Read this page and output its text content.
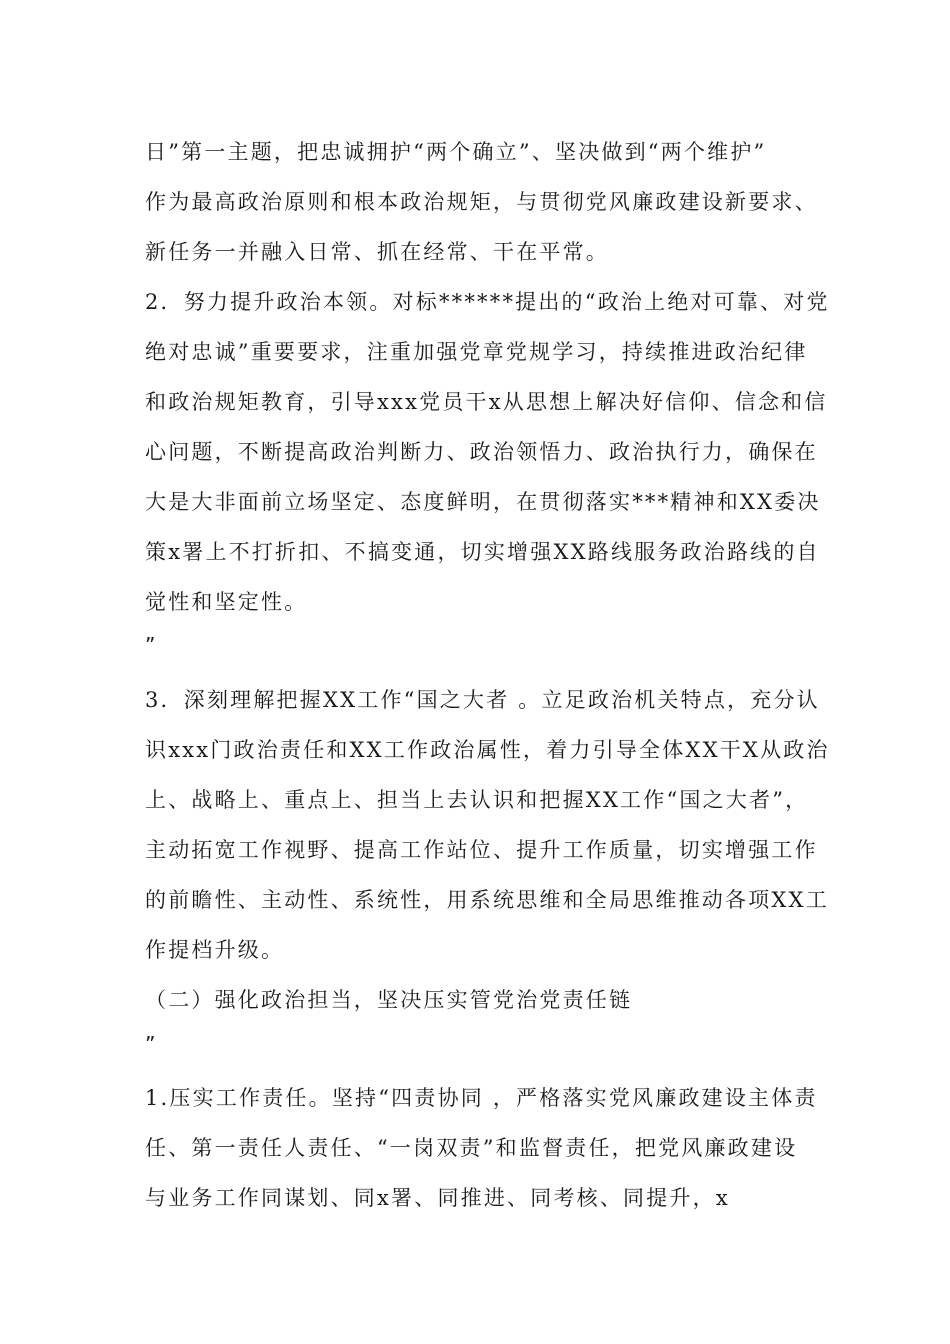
日”第一主题，把忠诚拥护“两个确立”、坚决做到“两个维护”
作为最高政治原则和根本政治规矩，与贯彻党风廉政建设新要求、
新任务一并融入日常、抓在经常、干在平常。
2．努力提升政治本领。对标******提出的“政治上绝对可靠、对党
绝对忠诚”重要要求，注重加强党章党规学习，持续推进政治纪律
和政治规矩教育，引导xxx党员干x从思想上解决好信仰、信念和信
心问题，不断提高政治判断力、政治领悟力、政治执行力，确保在
大是大非面前立场坚定、态度鲜明，在贯彻落实***精神和XX委决
策x署上不打折扣、不搞变通，切实增强XX路线服务政治路线的自
觉性和坚定性。
”
3．深刻理解把握XX工作“国之大者 。立足政治机关特点，充分认
识xxx门政治责任和XX工作政治属性，着力引导全体XX干X从政治
上、战略上、重点上、担当上去认识和把握XX工作“国之大者”，
主动拓宽工作视野、提高工作站位、提升工作质量，切实增强工作
的前瞻性、主动性、系统性，用系统思维和全局思维推动各项XX工
作提档升级。
（二）强化政治担当，坚决压实管党治党责任链
”
1.压实工作责任。坚持“四责协同 ，严格落实党风廉政建设主体责
任、第一责任人责任、“一岗双责”和监督责任，把党风廉政建设
与业务工作同谋划、同x署、同推进、同考核、同提升，x
